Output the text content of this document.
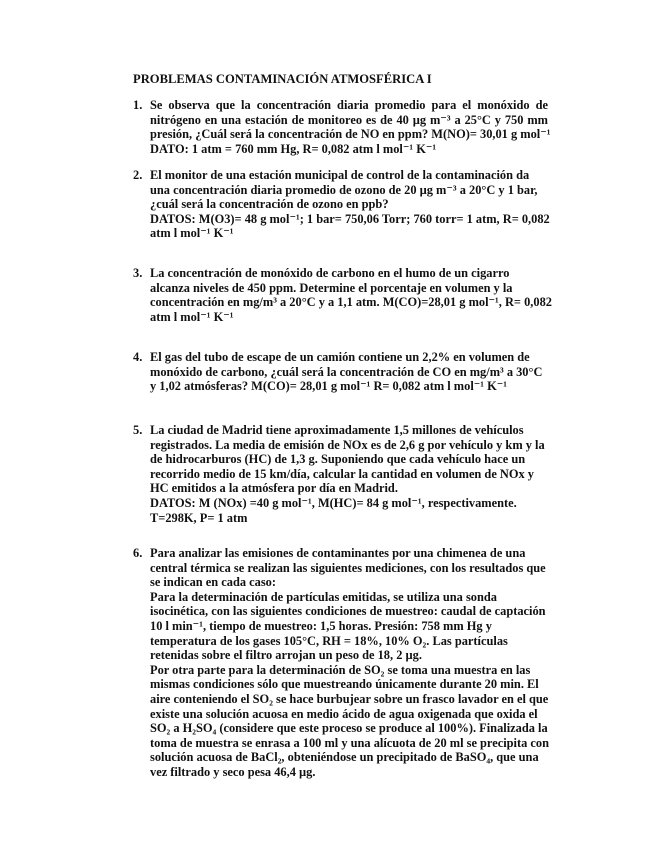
PROBLEMAS CONTAMINACIÓN ATMOSFÉRICA I
1. Se observa que la concentración diaria promedio para el monóxido de
nitrógeno en una estación de monitoreo es de 40 µg m⁻³ a 25°C y 750 mm
presión, ¿Cuál será la concentración de NO en ppm? M(NO)= 30,01 g mol⁻¹
DATO: 1 atm = 760 mm Hg, R= 0,082 atm l mol⁻¹ K⁻¹
2. El monitor de una estación municipal de control de la contaminación da
una concentración diaria promedio de ozono de 20 µg m⁻³ a 20°C y 1 bar,
¿cuál será la concentración de ozono en ppb?
DATOS: M(O3)= 48 g mol⁻¹; 1 bar= 750,06 Torr; 760 torr= 1 atm, R= 0,082
atm l mol⁻¹ K⁻¹
3. La concentración de monóxido de carbono en el humo de un cigarro
alcanza niveles de 450 ppm. Determine el porcentaje en volumen y la
concentración en mg/m³ a 20°C y a 1,1 atm. M(CO)=28,01 g mol⁻¹, R= 0,082
atm l mol⁻¹ K⁻¹
4. El gas del tubo de escape de un camión contiene un 2,2% en volumen de
monóxido de carbono, ¿cuál será la concentración de CO en mg/m³ a 30°C
y 1,02 atmósferas? M(CO)= 28,01 g mol⁻¹ R= 0,082 atm l mol⁻¹ K⁻¹
5. La ciudad de Madrid tiene aproximadamente 1,5 millones de vehículos
registrados. La media de emisión de NOx es de 2,6 g por vehículo y km y la
de hidrocarburos (HC) de 1,3 g. Suponiendo que cada vehículo hace un
recorrido medio de 15 km/día, calcular la cantidad en volumen de NOx y
HC emitidos a la atmósfera por día en Madrid.
DATOS: M (NOx) =40 g mol⁻¹, M(HC)= 84 g mol⁻¹, respectivamente.
T=298K, P= 1 atm
6. Para analizar las emisiones de contaminantes por una chimenea de una
central térmica se realizan las siguientes mediciones, con los resultados que
se indican en cada caso:
Para la determinación de partículas emitidas, se utiliza una sonda
isocinética, con las siguientes condiciones de muestreo: caudal de captación
10 l min⁻¹, tiempo de muestreo: 1,5 horas. Presión: 758 mm Hg y
temperatura de los gases 105°C, RH = 18%, 10% O₂. Las partículas
retenidas sobre el filtro arrojan un peso de 18, 2 µg.
Por otra parte para la determinación de SO₂ se toma una muestra en las
mismas condiciones sólo que muestreando únicamente durante 20 min. El
aire conteniendo el SO₂ se hace burbujear sobre un frasco lavador en el que
existe una solución acuosa en medio ácido de agua oxigenada que oxida el
SO₂ a H₂SO₄ (considere que este proceso se produce al 100%). Finalizada la
toma de muestra se enrasa a 100 ml y una alícuota de 20 ml se precipita con
solución acuosa de BaCl₂, obteniéndose un precipitado de BaSO₄, que una
vez filtrado y seco pesa 46,4 µg.
